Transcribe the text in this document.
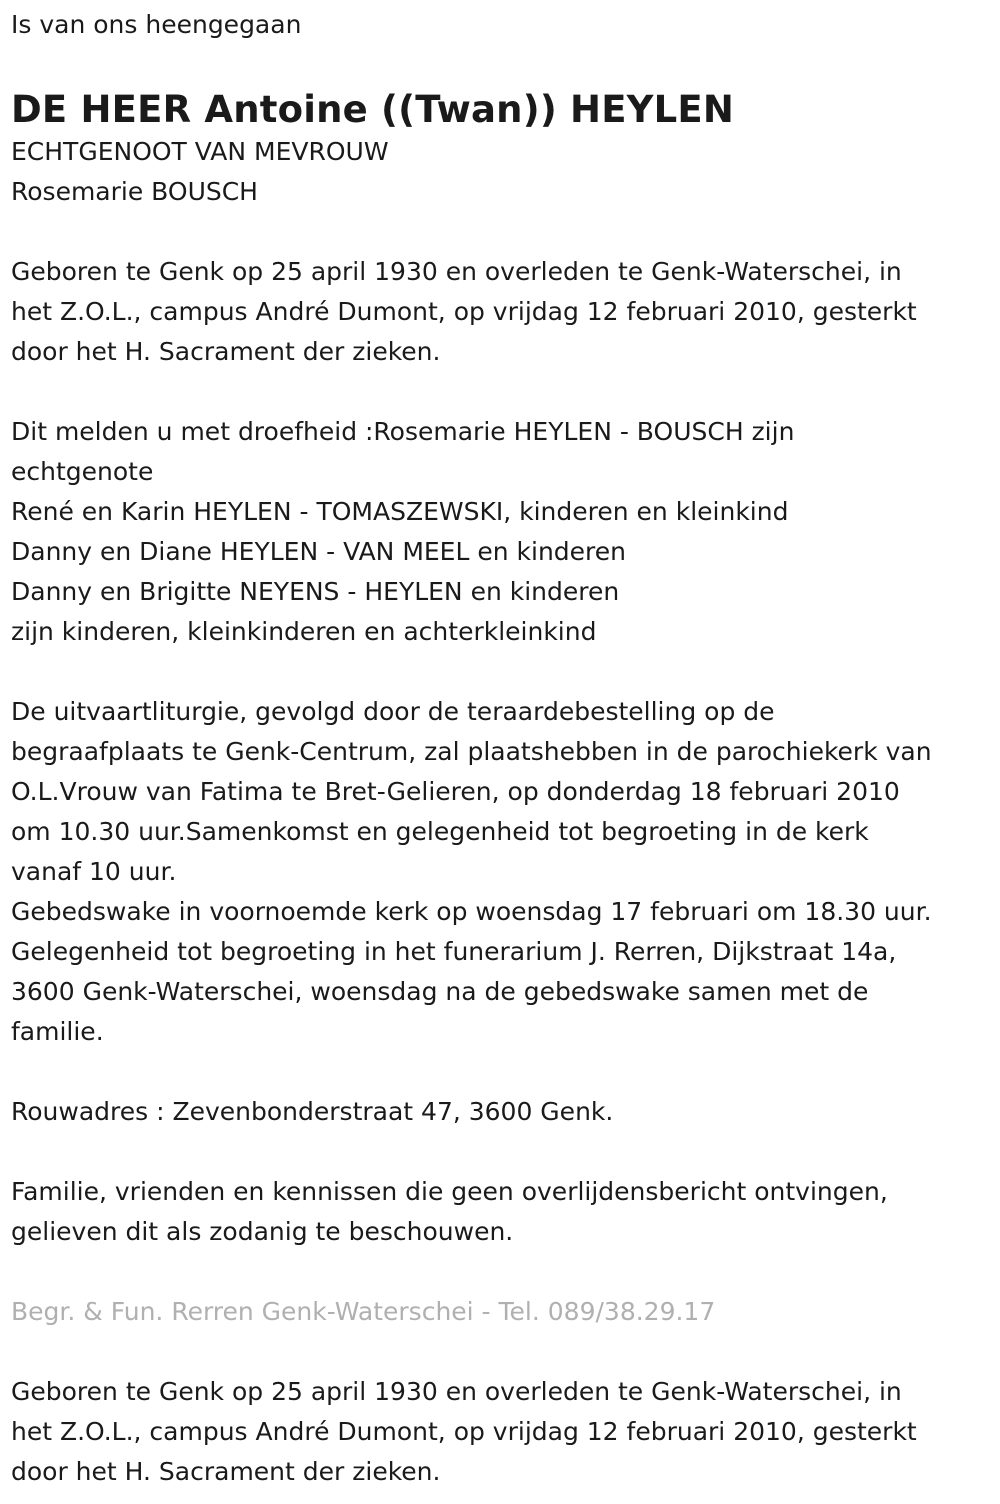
Is van ons heengegaan

DE HEER Antoine ((Twan)) HEYLEN

ECHTGENOOT VAN MEVROUW

Rosemarie BOUSCH

Geboren te Genk op 25 april 1930 en overleden te Genk-Waterschei, in
het Z.O.L., campus André Dumont, op vrijdag 12 februari 2010, gesterkt
door het H. Sacrament der zieken.
Dit melden u met droefheid :Rosemarie HEYLEN - BOUSCH zijn
echtgenote
René en Karin HEYLEN - TOMASZEWSKI, kinderen en kleinkind
Danny en Diane HEYLEN - VAN MEEL en kinderen
Danny en Brigitte NEYENS - HEYLEN en kinderen
zijn kinderen, kleinkinderen en achterkleinkind
De uitvaartliturgie, gevolgd door de teraardebestelling op de
begraafplaats te Genk-Centrum, zal plaatshebben in de parochiekerk van
O.L.Vrouw van Fatima te Bret-Gelieren, op donderdag 18 februari 2010
om 10.30 uur.Samenkomst en gelegenheid tot begroeting in de kerk
vanaf 10 uur.
Gebedswake in voornoemde kerk op woensdag 17 februari om 18.30 uur.
Gelegenheid tot begroeting in het funerarium J. Rerren, Dijkstraat 14a,
3600 Genk-Waterschei, woensdag na de gebedswake samen met de
familie.

Rouwadres : Zevenbonderstraat 47, 3600 Genk.

Familie, vrienden en kennissen die geen overlijdensbericht ontvingen,
gelieven dit als zodanig te beschouwen.

Begr. & Fun. Rerren Genk-Waterschei - Tel. 089/38.29.17

Geboren te Genk op 25 april 1930 en overleden te Genk-Waterschei, in
het Z.O.L., campus André Dumont, op vrijdag 12 februari 2010, gesterkt
door het H. Sacrament der zieken.
